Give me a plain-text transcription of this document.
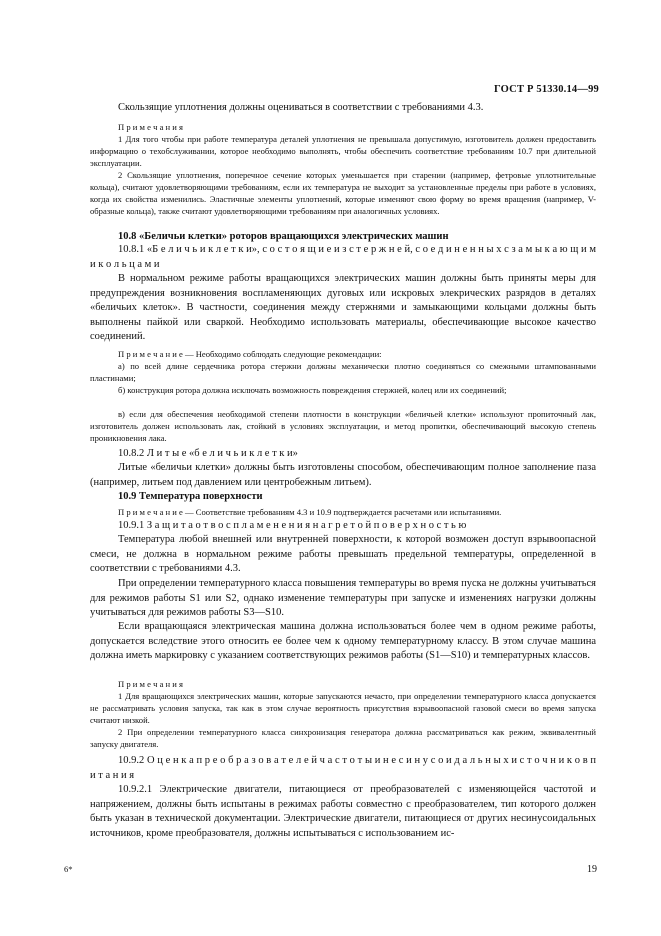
ГОСТ Р 51330.14—99
Скользящие уплотнения должны оцениваться в соответствии с требованиями 4.3.
П р и м е ч а н и я
1 Для того чтобы при работе температура деталей уплотнения не превышала допустимую, изготовитель должен предоставить информацию о техобслуживании, которое необходимо выполнять, чтобы обеспечить соответствие требованиям 10.7 при длительной эксплуатации.
2 Скользящие уплотнения, поперечное сечение которых уменьшается при старении (например, фетровые уплотнительные кольца), считают удовлетворяющими требованиям, если их температура не выходит за установленные пределы при работе в условиях, когда их свойства изменились. Эластичные элементы уплотнений, которые изменяют свою форму во время вращения (например, V-образные кольца), также считают удовлетворяющими требованиям при аналогичных условиях.
10.8 «Беличьи клетки» роторов вращающихся электрических машин
10.8.1 «Б е л и ч ь и к л е т к и», с о с т о я щ и е и з с т е р ж н е й, с о е д и н е н н ы х с з а м ы к а ю щ и м и к о л ь ц а м и
В нормальном режиме работы вращающихся электрических машин должны быть приняты меры для предупреждения возникновения воспламеняющих дуговых или искровых элекрических разрядов в деталях «беличьих клеток». В частности, соединения между стержнями и замыкающими кольцами должны быть выполнены пайкой или сваркой. Необходимо использовать материалы, обеспечивающие высокое качество соединений.
П р и м е ч а н и е — Необходимо соблюдать следующие рекомендации:
а) по всей длине сердечника ротора стержни должны механически плотно соединяться со смежными штампованными пластинами;
б) конструкция ротора должна исключать возможность повреждения стержней, колец или их соединений;
в) если для обеспечения необходимой степени плотности в конструкции «беличьей клетки» используют пропиточный лак, изготовитель должен использовать лак, стойкий в условиях эксплуатации, и метод пропитки, обеспечивающий высокую степень проникновения лака.
10.8.2 Л и т ы е «б е л и ч ь и к л е т к и»
Литые «беличьи клетки» должны быть изготовлены способом, обеспечивающим полное заполнение паза (например, литьем под давлением или центробежным литьем).
10.9 Температура поверхности
П р и м е ч а н и е — Соответствие требованиям 4.3 и 10.9 подтверждается расчетами или испытаниями.
10.9.1 З а щ и т а о т в о с п л а м е н е н и я н а г р е т о й п о в е р х н о с т ь ю
Температура любой внешней или внутренней поверхности, к которой возможен доступ взрывоопасной смеси, не должна в нормальном режиме работы превышать предельной температуры, определенной в соответствии с требованиями 4.3.
При определении температурного класса повышения температуры во время пуска не должны учитываться для режимов работы S1 или S2, однако изменение температуры при запуске и изменениях нагрузки должны учитываться для режимов работы S3—S10.
Если вращающаяся электрическая машина должна использоваться более чем в одном режиме работы, допускается вследствие этого относить ее более чем к одному температурному классу. В этом случае машина должна иметь маркировку с указанием соответствующих режимов работы (S1—S10) и температурных классов.
П р и м е ч а н и я
1 Для вращающихся электрических машин, которые запускаются нечасто, при определении температурного класса допускается не рассматривать условия запуска, так как в этом случае вероятность присутствия взрывоопасной газовой смеси во время запуска считают низкой.
2 При определении температурного класса синхронизация генератора должна рассматриваться как режим, эквивалентный запуску двигателя.
10.9.2 О ц е н к а п р е о б р а з о в а т е л е й ч а с т о т ы и н е с и н у с о и д а л ь н ы х и с т о ч н и к о в п и т а н и я
10.9.2.1 Электрические двигатели, питающиеся от преобразователей с изменяющейся частотой и напряжением, должны быть испытаны в режимах работы совместно с преобразователем, тип которого должен быть указан в технической документации. Электрические двигатели, питающиеся от других несинусоидальных источников, кроме преобразователя, должны испытываться с использованием ис-
6*	19
